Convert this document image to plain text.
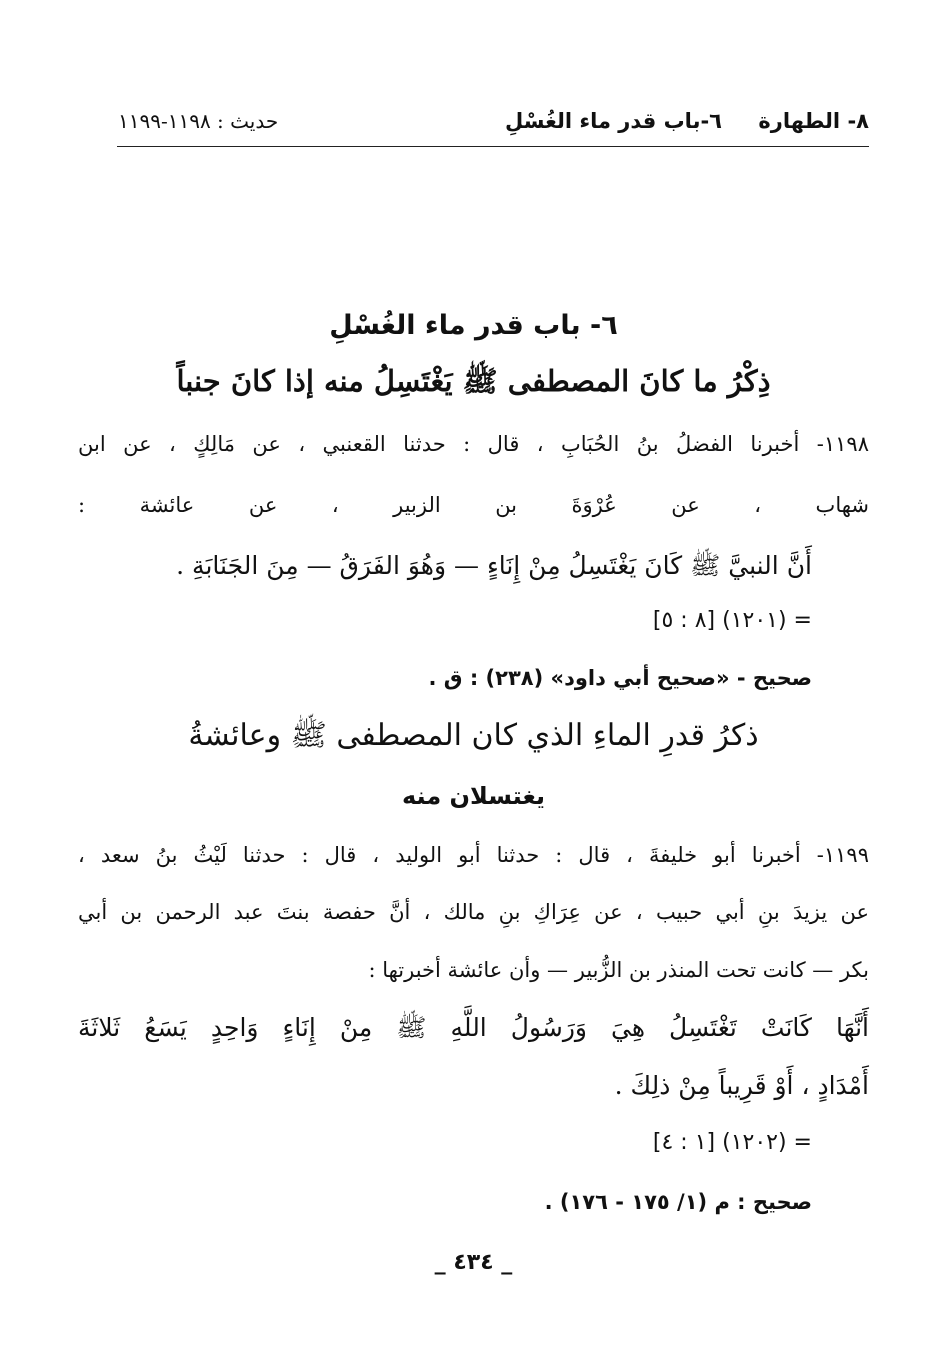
٨- الطهارة
٦-باب قدر ماء الغُسْلِ
حديث : ١١٩٨-١١٩٩
٦- باب قدر ماء الغُسْلِ
ذِكْرُ ما كانَ المصطفى ﷺ يَغْتَسِلُ منه إذا كانَ جنباً
١١٩٨- أخبرنا الفضلُ بنُ الحُبَابِ ، قال : حدثنا القعنبي ، عن مَالِكٍ ، عن ابن
شهاب ، عن عُرْوَةَ بن الزبير ، عن عائشة :
أَنَّ النبيَّ ﷺ كَانَ يَغْتَسِلُ مِنْ إِنَاءٍ — وَهُوَ الفَرَقُ — مِنَ الجَنَابَةِ .
= (١٢٠١) [٨ : ٥]
صحيح - «صحيح أبي داود» (٢٣٨) : ق .
ذكرُ قدرِ الماءِ الذي كان المصطفى ﷺ وعائشةُ
يغتسلان منه
١١٩٩- أخبرنا أبو خليفةَ ، قال : حدثنا أبو الوليد ، قال : حدثنا لَيْثُ بنُ سعد ،
عن يزيدَ بنِ أبي حبيب ، عن عِرَاكِ بنِ مالك ، أنَّ حفصة بنتَ عبد الرحمن بن أبي
بكر — كانت تحت المنذر بن الزُّبير — وأن عائشة أخبرتها :
أَنَّهَا كَانَتْ تَغْتَسِلُ هِيَ وَرَسُولُ اللَّهِ ﷺ مِنْ إِنَاءٍ وَاحِدٍ يَسَعُ ثَلاثَةَ
أَمْدَادٍ ، أَوْ قَرِيباً مِنْ ذلِكَ .
= (١٢٠٢) [١ : ٤]
صحيح : م (١/ ١٧٥ - ١٧٦) .
_ ٤٣٤ _
